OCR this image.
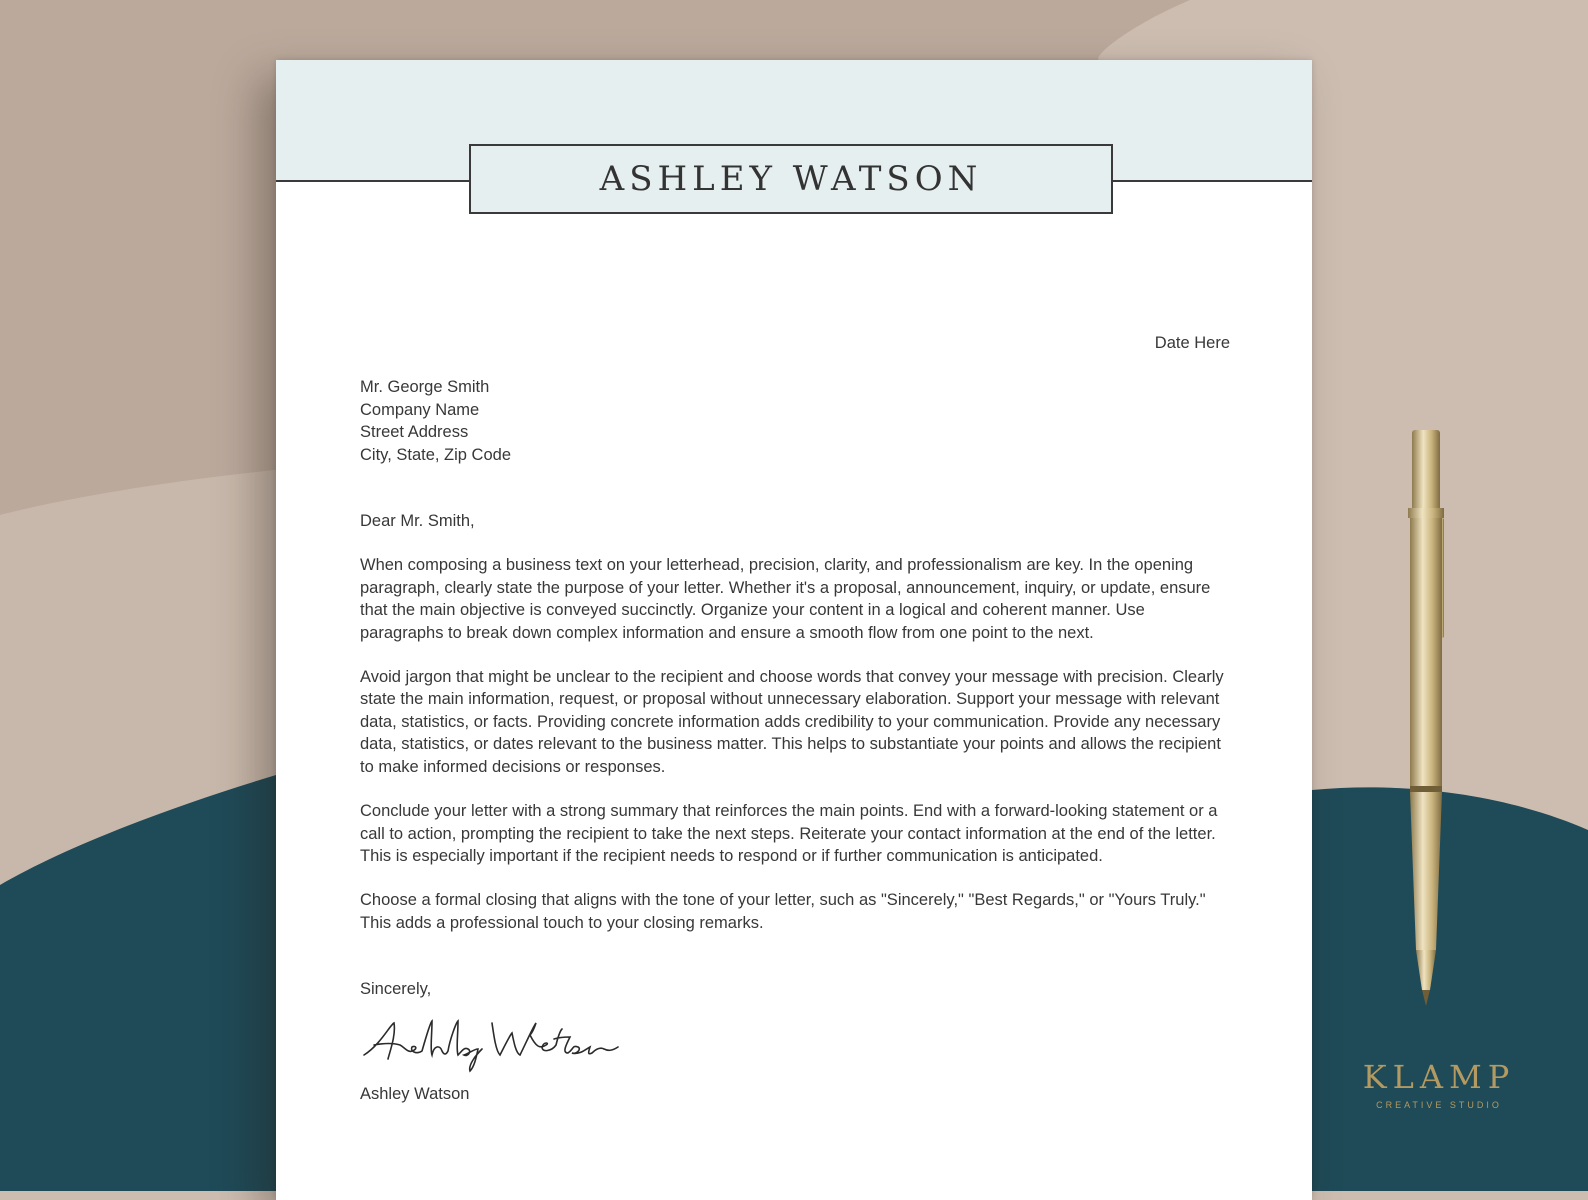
ASHLEY WATSON
Date Here
Mr. George Smith
Company Name
Street Address
City, State, Zip Code
Dear Mr. Smith,
When composing a business text on your letterhead, precision, clarity, and professionalism are key. In the opening paragraph, clearly state the purpose of your letter. Whether it's a proposal, announcement, inquiry, or update, ensure that the main objective is conveyed succinctly. Organize your content in a logical and coherent manner. Use paragraphs to break down complex information and ensure a smooth flow from one point to the next.
Avoid jargon that might be unclear to the recipient and choose words that convey your message with precision. Clearly state the main information, request, or proposal without unnecessary elaboration. Support your message with relevant data, statistics, or facts. Providing concrete information adds credibility to your communication. Provide any necessary data, statistics, or dates relevant to the business matter. This helps to substantiate your points and allows the recipient to make informed decisions or responses.
Conclude your letter with a strong summary that reinforces the main points. End with a forward-looking statement or a call to action, prompting the recipient to take the next steps. Reiterate your contact information at the end of the letter. This is especially important if the recipient needs to respond or if further communication is anticipated.
Choose a formal closing that aligns with the tone of your letter, such as "Sincerely," "Best Regards," or "Yours Truly." This adds a professional touch to your closing remarks.
Sincerely,
Ashley Watson	KLAMP
CREATIVE STUDIO
